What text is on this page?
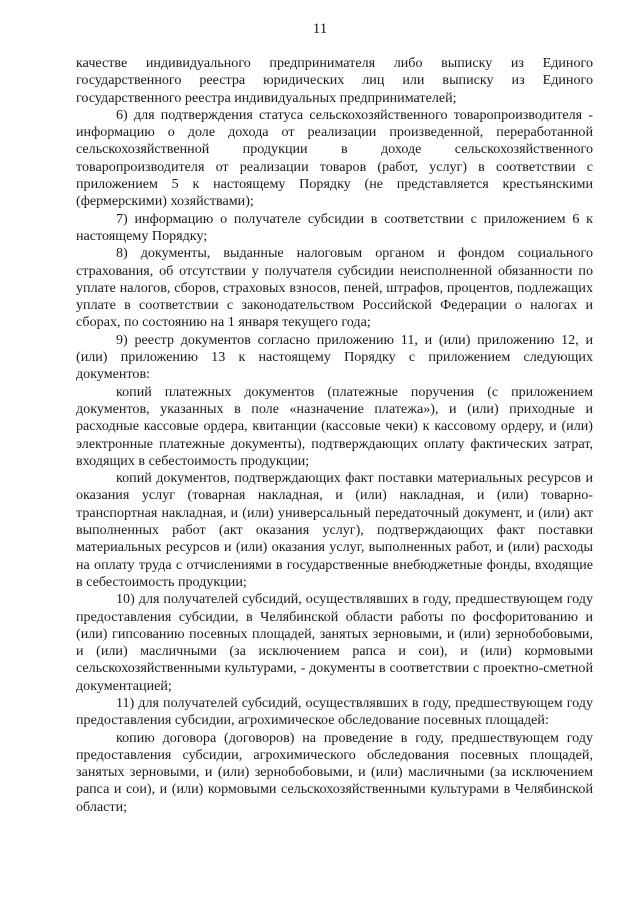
11

качестве индивидуального предпринимателя либо выписку из Единого государственного реестра юридических лиц или выписку из Единого государственного реестра индивидуальных предпринимателей;

6) для подтверждения статуса сельскохозяйственного товаропроизводителя - информацию о доле дохода от реализации произведенной, переработанной сельскохозяйственной продукции в доходе сельскохозяйственного товаропроизводителя от реализации товаров (работ, услуг) в соответствии с приложением 5 к настоящему Порядку (не представляется крестьянскими (фермерскими) хозяйствами);

7) информацию о получателе субсидии в соответствии с приложением 6 к настоящему Порядку;

8) документы, выданные налоговым органом и фондом социального страхования, об отсутствии у получателя субсидии неисполненной обязанности по уплате налогов, сборов, страховых взносов, пеней, штрафов, процентов, подлежащих уплате в соответствии с законодательством Российской Федерации о налогах и сборах, по состоянию на 1 января текущего года;

9) реестр документов согласно приложению 11, и (или) приложению 12, и (или) приложению 13 к настоящему Порядку с приложением следующих документов:

копий платежных документов (платежные поручения (с приложением документов, указанных в поле «назначение платежа»), и (или) приходные и расходные кассовые ордера, квитанции (кассовые чеки) к кассовому ордеру, и (или) электронные платежные документы), подтверждающих оплату фактических затрат, входящих в себестоимость продукции;

копий документов, подтверждающих факт поставки материальных ресурсов и оказания услуг (товарная накладная, и (или) накладная, и (или) товарно-транспортная накладная, и (или) универсальный передаточный документ, и (или) акт выполненных работ (акт оказания услуг), подтверждающих факт поставки материальных ресурсов и (или) оказания услуг, выполненных работ, и (или) расходы на оплату труда с отчислениями в государственные внебюджетные фонды, входящие в себестоимость продукции;

10) для получателей субсидий, осуществлявших в году, предшествующем году предоставления субсидии, в Челябинской области работы по фосфоритованию и (или) гипсованию посевных площадей, занятых зерновыми, и (или) зернобобовыми, и (или) масличными (за исключением рапса и сои), и (или) кормовыми сельскохозяйственными культурами, - документы в соответствии с проектно-сметной документацией;

11) для получателей субсидий, осуществлявших в году, предшествующем году предоставления субсидии, агрохимическое обследование посевных площадей:

копию договора (договоров) на проведение в году, предшествующем году предоставления субсидии, агрохимического обследования посевных площадей, занятых зерновыми, и (или) зернобобовыми, и (или) масличными (за исключением рапса и сои), и (или) кормовыми сельскохозяйственными культурами в Челябинской области;
